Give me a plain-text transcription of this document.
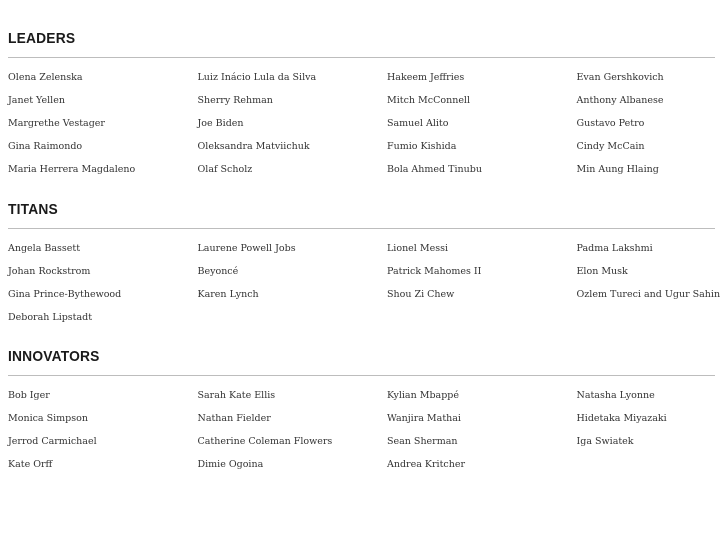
LEADERS
Olena Zelenska	Luiz Inácio Lula da Silva	Hakeem Jeffries	Evan Gershkovich
Janet Yellen	Sherry Rehman	Mitch McConnell	Anthony Albanese
Margrethe Vestager	Joe Biden	Samuel Alito	Gustavo Petro
Gina Raimondo	Oleksandra Matviichuk	Fumio Kishida	Cindy McCain
Maria Herrera Magdaleno	Olaf Scholz	Bola Ahmed Tinubu	Min Aung Hlaing
TITANS
Angela Bassett	Laurene Powell Jobs	Lionel Messi	Padma Lakshmi
Johan Rockstrom	Beyoncé	Patrick Mahomes II	Elon Musk
Gina Prince-Bythewood	Karen Lynch	Shou Zi Chew	Ozlem Tureci and Ugur Sahin
Deborah Lipstadt
INNOVATORS
Bob Iger	Sarah Kate Ellis	Kylian Mbappé	Natasha Lyonne
Monica Simpson	Nathan Fielder	Wanjira Mathai	Hidetaka Miyazaki
Jerrod Carmichael	Catherine Coleman Flowers	Sean Sherman	Iga Swiatek
Kate Orff	Dimie Ogoina	Andrea Kritcher
